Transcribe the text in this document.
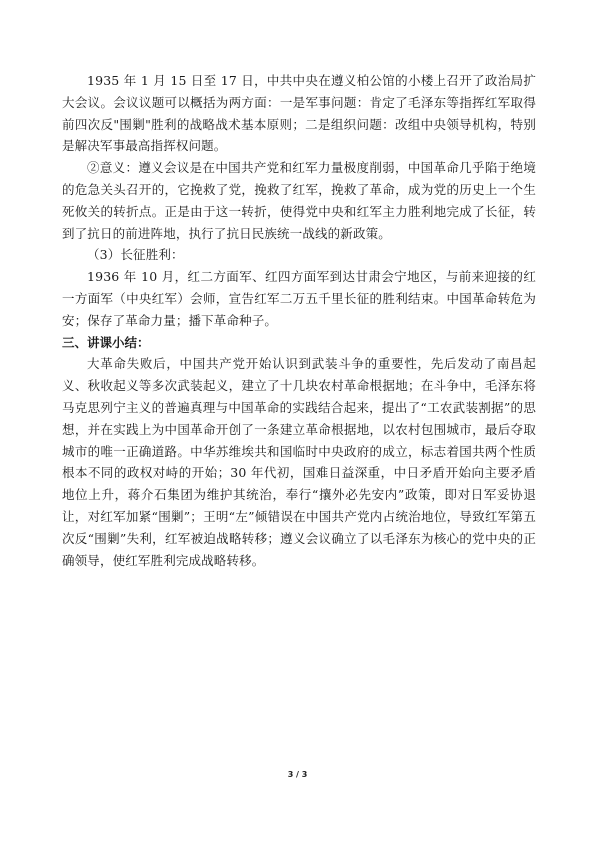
1935 年 1 月 15 日至 17 日，中共中央在遵义柏公馆的小楼上召开了政治局扩大会议。会议议题可以概括为两方面：一是军事问题：肯定了毛泽东等指挥红军取得前四次反"围剿"胜利的战略战术基本原则；二是组织问题：改组中央领导机构，特别是解决军事最高指挥权问题。

②意义：遵义会议是在中国共产党和红军力量极度削弱，中国革命几乎陷于绝境的危急关头召开的，它挽救了党，挽救了红军，挽救了革命，成为党的历史上一个生死攸关的转折点。正是由于这一转折，使得党中央和红军主力胜利地完成了长征，转到了抗日的前进阵地，执行了抗日民族统一战线的新政策。

（3）长征胜利：

1936 年 10 月，红二方面军、红四方面军到达甘肃会宁地区，与前来迎接的红一方面军（中央红军）会师，宣告红军二万五千里长征的胜利结束。中国革命转危为安；保存了革命力量；播下革命种子。

三、讲课小结：

大革命失败后，中国共产党开始认识到武装斗争的重要性，先后发动了南昌起义、秋收起义等多次武装起义，建立了十几块农村革命根据地；在斗争中，毛泽东将马克思列宁主义的普遍真理与中国革命的实践结合起来，提出了“工农武装割据”的思想，并在实践上为中国革命开创了一条建立革命根据地，以农村包围城市，最后夺取城市的唯一正确道路。中华苏维埃共和国临时中央政府的成立，标志着国共两个性质根本不同的政权对峙的开始；30 年代初，国难日益深重，中日矛盾开始向主要矛盾地位上升，蒋介石集团为维护其统治，奉行“攘外必先安内”政策，即对日军妥协退让，对红军加紧“围剿”；王明“左”倾错误在中国共产党内占统治地位，导致红军第五次反“围剿”失利，红军被迫战略转移；遵义会议确立了以毛泽东为核心的党中央的正确领导，使红军胜利完成战略转移。

3 / 3
